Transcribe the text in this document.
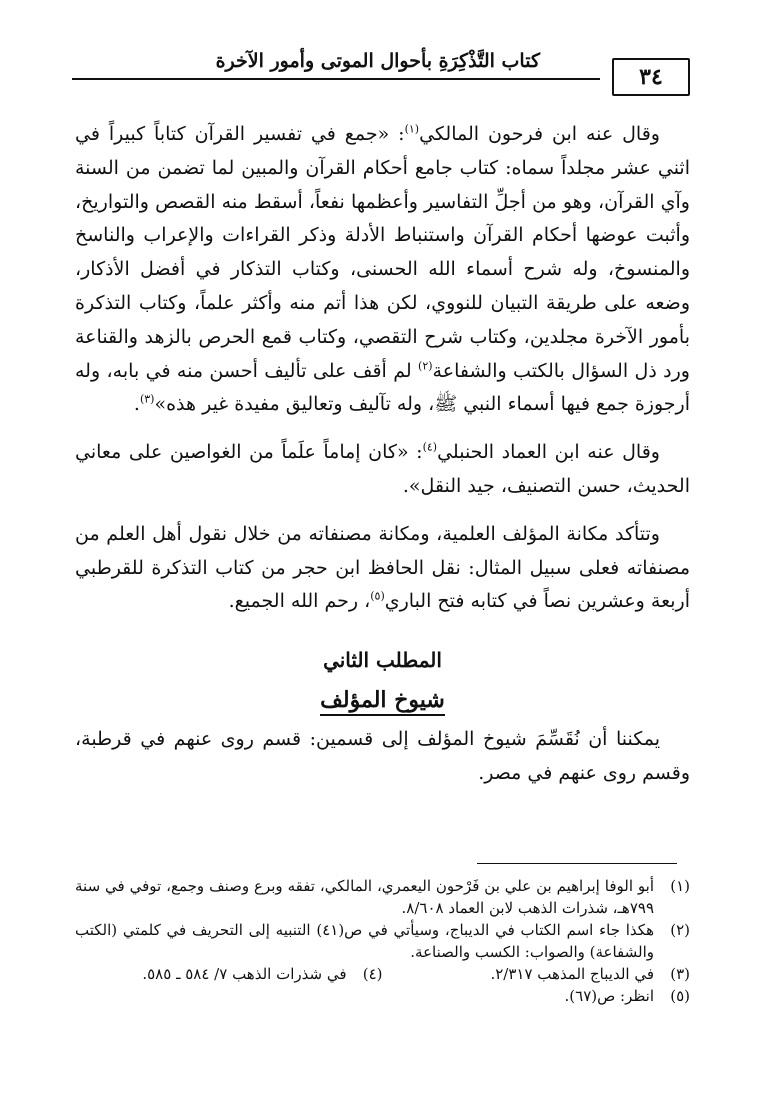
كتاب التَّذْكِرَةِ بأحوال الموتى وأمور الآخرة
٣٤

وقال عنه ابن فرحون المالكي$^{(١)}$: «جمع في تفسير القرآن كتاباً كبيراً في اثني عشر مجلداً سماه: كتاب جامع أحكام القرآن والمبين لما تضمن من السنة وآي القرآن، وهو من أجلِّ التفاسير وأعظمها نفعاً، أسقط منه القصص والتواريخ، وأثبت عوضها أحكام القرآن واستنباط الأدلة وذكر القراءات والإعراب والناسخ والمنسوخ، وله شرح أسماء الله الحسنى، وكتاب التذكار في أفضل الأذكار، وضعه على طريقة التبيان للنووي، لكن هذا أتم منه وأكثر علماً، وكتاب التذكرة بأمور الآخرة مجلدين، وكتاب شرح التقصي، وكتاب قمع الحرص بالزهد والقناعة ورد ذل السؤال بالكتب والشفاعة$^{(٢)}$ لم أقف على تأليف أحسن منه في بابه، وله أرجوزة جمع فيها أسماء النبي ﷺ، وله تآليف وتعاليق مفيدة غير هذه»$^{(٣)}$.

وقال عنه ابن العماد الحنبلي$^{(٤)}$: «كان إماماً علَماً من الغواصين على معاني الحديث، حسن التصنيف، جيد النقل».

وتتأكد مكانة المؤلف العلمية، ومكانة مصنفاته من خلال نقول أهل العلم من مصنفاته فعلى سبيل المثال: نقل الحافظ ابن حجر من كتاب التذكرة للقرطبي أربعة وعشرين نصاً في كتابه فتح الباري$^{(٥)}$، رحم الله الجميع.

المطلب الثاني
شيوخ المؤلف

يمكننا أن نُقَسِّمَ شيوخ المؤلف إلى قسمين: قسم روى عنهم في قرطبة، وقسم روى عنهم في مصر.

(١)
أبو الوفا إبراهيم بن علي بن فَرْحون اليعمري، المالكي، تفقه وبرع وصنف وجمع، توفي في سنة ٧٩٩هـ، شذرات الذهب لابن العماد ٨/٦٠٨.
(٢)
هكذا جاء اسم الكتاب في الديباج، وسيأتي في ص(٤١) التنبيه إلى التحريف في كلمتي (الكتب والشفاعة) والصواب: الكسب والصناعة.
(٣)
في الديباج المذهب ٢/٣١٧.
(٤)
في شذرات الذهب ٧/ ٥٨٤ ـ ٥٨٥.
(٥)
انظر: ص(٦٧).
